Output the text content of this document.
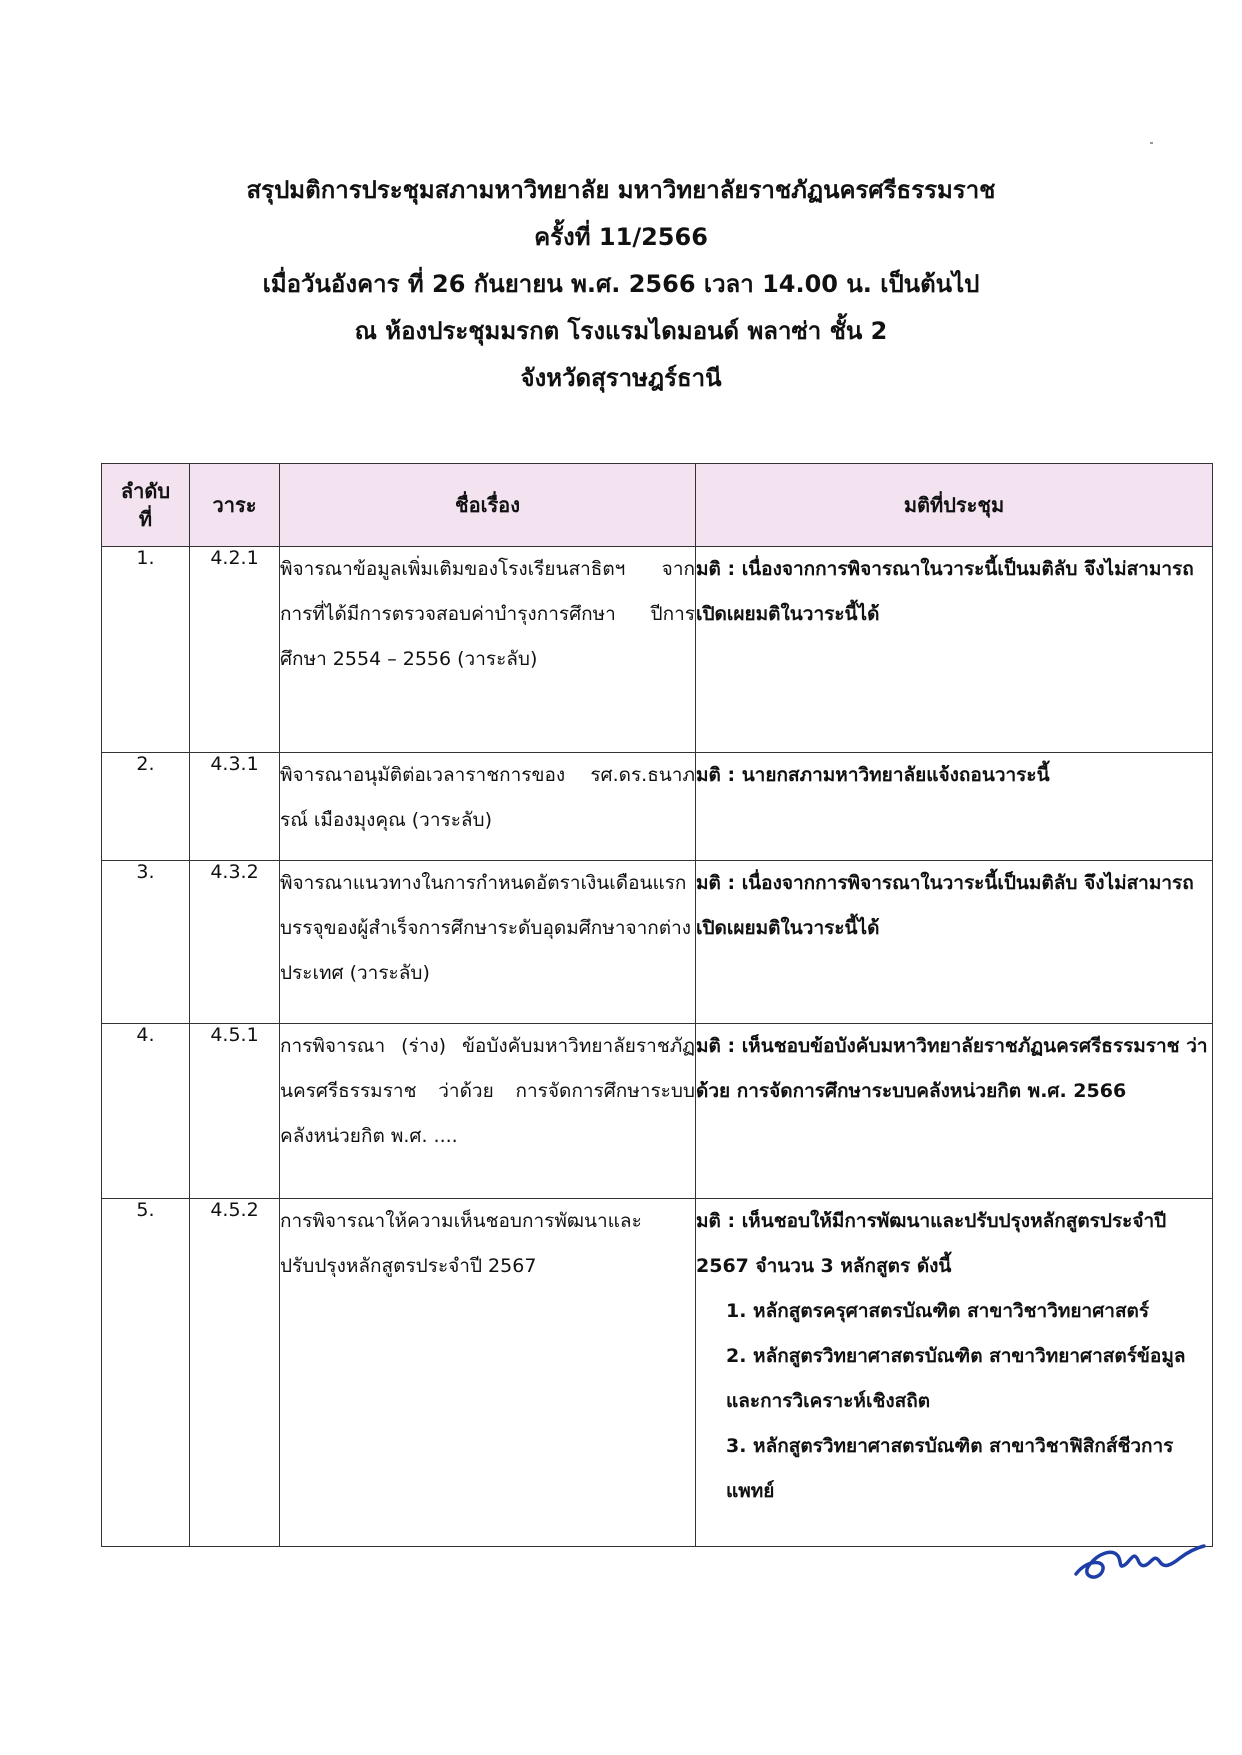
สรุปมติการประชุมสภามหาวิทยาลัย มหาวิทยาลัยราชภัฏนครศรีธรรมราช
ครั้งที่ 11/2566
เมื่อวันอังคาร ที่ 26 กันยายน พ.ศ. 2566 เวลา 14.00 น. เป็นต้นไป
ณ ห้องประชุมมรกต โรงแรมไดมอนด์ พลาซ่า ชั้น 2
จังหวัดสุราษฎร์ธานี
ลำดับ
ที่	วาระ	ชื่อเรื่อง	มติที่ประชุม
1.	4.2.1	พิจารณาข้อมูลเพิ่มเติมของโรงเรียนสาธิตฯ จากการที่ได้มีการตรวจสอบค่าบำรุงการศึกษา ปีการศึกษา 2554 – 2556 (วาระลับ)	มติ : เนื่องจากการพิจารณาในวาระนี้เป็นมติลับ จึงไม่สามารถเปิดเผยมติในวาระนี้ได้
2.	4.3.1	พิจารณาอนุมัติต่อเวลาราชการของ รศ.ดร.ธนาภรณ์ เมืองมุงคุณ (วาระลับ)	มติ : นายกสภามหาวิทยาลัยแจ้งถอนวาระนี้
3.	4.3.2	พิจารณาแนวทางในการกำหนดอัตราเงินเดือนแรกบรรจุของผู้สำเร็จการศึกษาระดับอุดมศึกษาจากต่างประเทศ (วาระลับ)	มติ : เนื่องจากการพิจารณาในวาระนี้เป็นมติลับ จึงไม่สามารถเปิดเผยมติในวาระนี้ได้
4.	4.5.1	การพิจารณา (ร่าง) ข้อบังคับมหาวิทยาลัยราชภัฏนครศรีธรรมราช ว่าด้วย การจัดการศึกษาระบบคลังหน่วยกิต พ.ศ. ....	มติ : เห็นชอบข้อบังคับมหาวิทยาลัยราชภัฏนครศรีธรรมราช ว่าด้วย การจัดการศึกษาระบบคลังหน่วยกิต พ.ศ. 2566
5.	4.5.2	การพิจารณาให้ความเห็นชอบการพัฒนาและปรับปรุงหลักสูตรประจำปี 2567	มติ : เห็นชอบให้มีการพัฒนาและปรับปรุงหลักสูตรประจำปี 2567 จำนวน 3 หลักสูตร ดังนี้
1. หลักสูตรครุศาสตรบัณฑิต สาขาวิชาวิทยาศาสตร์
2. หลักสูตรวิทยาศาสตรบัณฑิต สาขาวิทยาศาสตร์ข้อมูลและการวิเคราะห์เชิงสถิต
3. หลักสูตรวิทยาศาสตรบัณฑิต สาขาวิชาฟิสิกส์ชีวการแพทย์
